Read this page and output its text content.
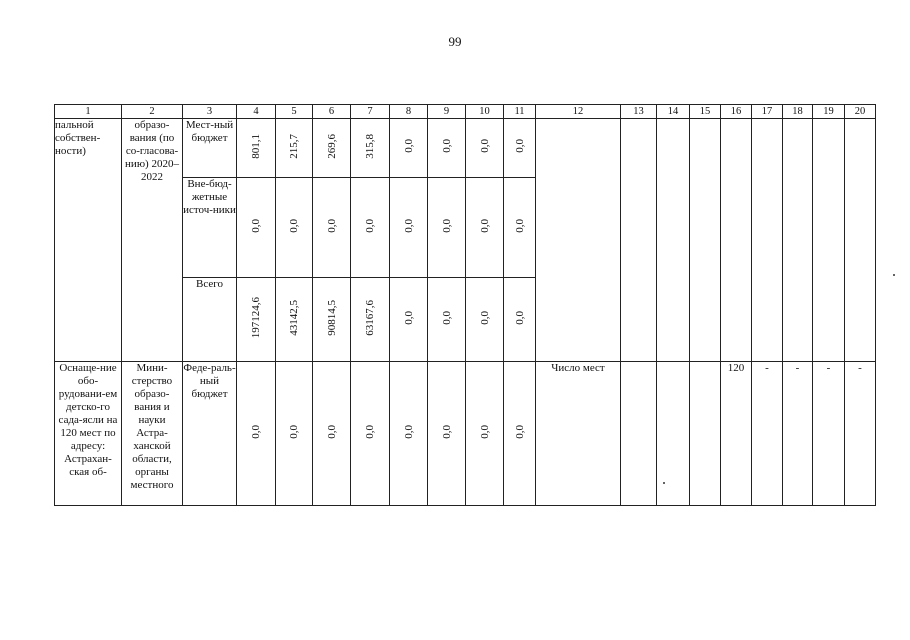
99
1	2	3	4	5	6	7	8	9	10	11	12	13	14	15	16	17	18	19	20
пальной собствен-ности)	образо-вания (по со-гласова-нию) 2020–2022	Мест-ный бюджет	801,1	215,7	269,6	315,8	0,0	0,0	0,0	0,0									
		Вне-бюд-жетные источ-ники	0,0	0,0	0,0	0,0	0,0	0,0	0,0	0,0									
		Всего	197124,6	43142,5	90814,5	63167,6	0,0	0,0	0,0	0,0									
Оснаще-ние обо-рудовани-ем детско-го сада-ясли на 120 мест по адресу: Астрахан-ская об-	Мини-стерство образо-вания и науки Астра-ханской области, органы местного	Феде-раль-ный бюджет	0,0	0,0	0,0	0,0	0,0	0,0	0,0	0,0	Число мест				120	-	-	-	-
